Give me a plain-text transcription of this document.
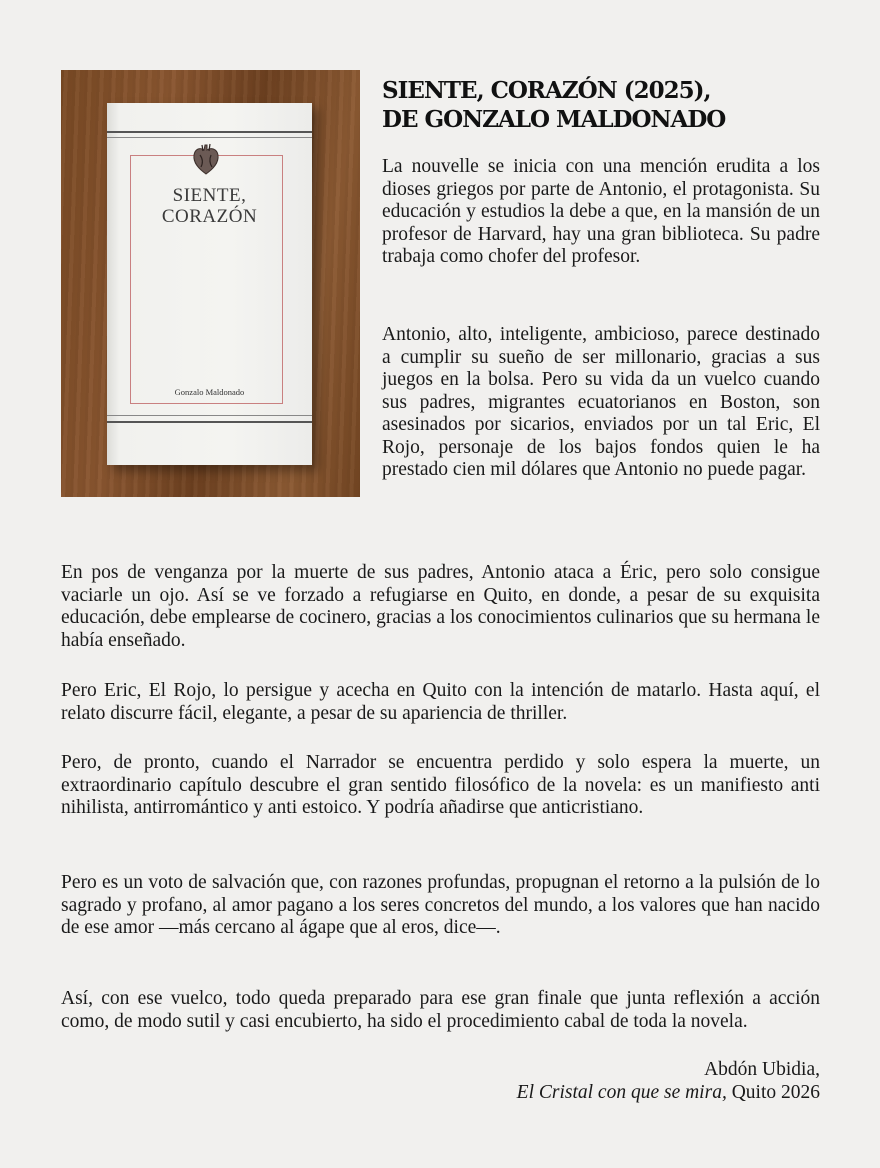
SIENTE,
CORAZÓN
Gonzalo Maldonado
SIENTE, CORAZÓN (2025),
DE GONZALO MALDONADO

La nouvelle se inicia con una mención erudita a los dioses griegos por parte de Antonio, el protagonista. Su educación y estudios la debe a que, en la mansión de un profesor de Harvard, hay una gran biblioteca. Su padre trabaja como chofer del profesor.

Antonio, alto, inteligente, ambicioso, parece destinado a cumplir su sueño de ser millonario, gracias a sus juegos en la bolsa. Pero su vida da un vuelco cuando sus padres, migrantes ecuatorianos en Boston, son asesinados por sicarios, enviados por un tal Eric, El Rojo, personaje de los bajos fondos quien le ha prestado cien mil dólares que Antonio no puede pagar.

En pos de venganza por la muerte de sus padres, Antonio ataca a Éric, pero solo consigue vaciarle un ojo. Así se ve forzado a refugiarse en Quito, en donde, a pesar de su exquisita educación, debe emplearse de cocinero, gracias a los conocimientos culinarios que su hermana le había enseñado.

Pero Eric, El Rojo, lo persigue y acecha en Quito con la intención de matarlo. Hasta aquí, el relato discurre fácil, elegante, a pesar de su apariencia de thriller.

Pero, de pronto, cuando el Narrador se encuentra perdido y solo espera la muerte, un extraordinario capítulo descubre el gran sentido filosófico de la novela: es un manifiesto anti nihilista, antirromántico y anti estoico. Y podría añadirse que anticristiano.

Pero es un voto de salvación que, con razones profundas, propugnan el retorno a la pulsión de lo sagrado y profano, al amor pagano a los seres concretos del mundo, a los valores que han nacido de ese amor —más cercano al ágape que al eros, dice—.

Así, con ese vuelco, todo queda preparado para ese gran finale que junta reflexión a acción como, de modo sutil y casi encubierto, ha sido el procedimiento cabal de toda la novela.

Abdón Ubidia,
El Cristal con que se mira, Quito 2026
